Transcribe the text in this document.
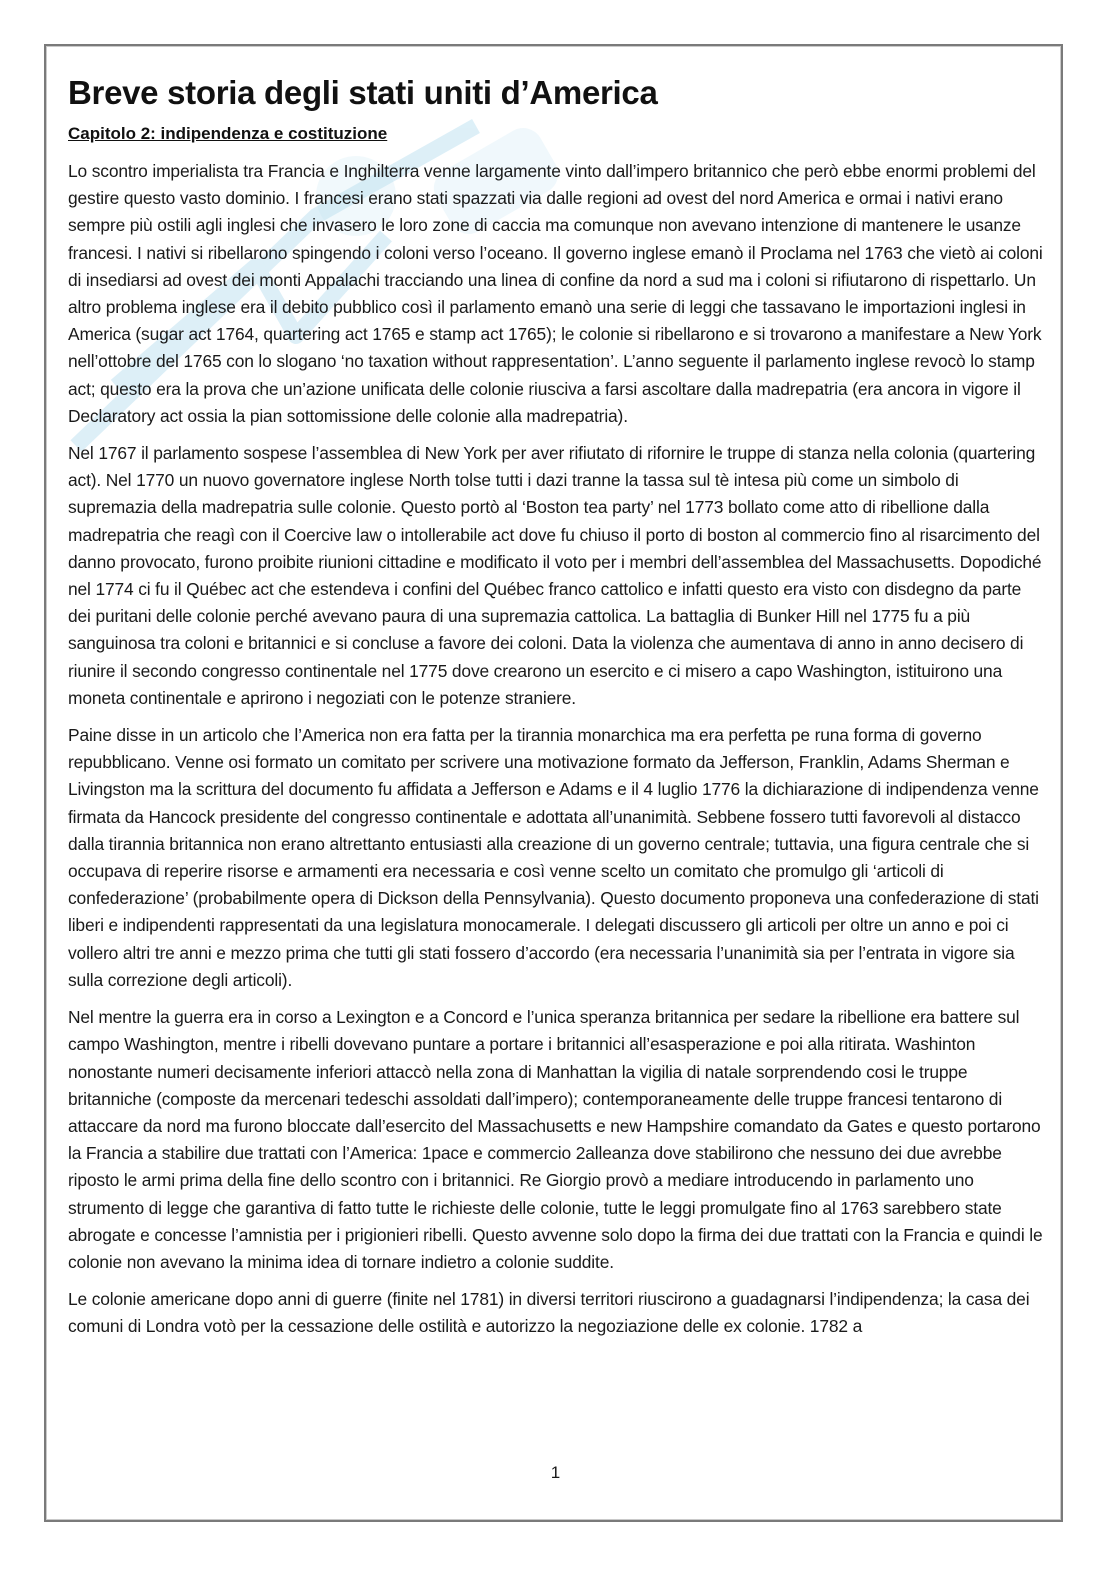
Breve storia degli stati uniti d’America

Capitolo 2: indipendenza e costituzione

Lo scontro imperialista tra Francia e Inghilterra venne largamente vinto dall’impero britannico che però ebbe enormi problemi del gestire questo vasto dominio. I francesi erano stati spazzati via dalle regioni ad ovest del nord America e ormai i nativi erano sempre più ostili agli inglesi che invasero le loro zone di caccia ma comunque non avevano intenzione di mantenere le usanze francesi. I nativi si ribellarono spingendo i coloni verso l’oceano. Il governo inglese emanò il Proclama nel 1763 che vietò ai coloni di insediarsi ad ovest dei monti Appalachi tracciando una linea di confine da nord a sud ma i coloni si rifiutarono di rispettarlo. Un altro problema inglese era il debito pubblico così il parlamento emanò una serie di leggi che tassavano le importazioni inglesi in America (sugar act 1764, quartering act 1765 e stamp act 1765); le colonie si ribellarono e si trovarono a manifestare a New York nell’ottobre del 1765 con lo slogano ‘no taxation without rappresentation’. L’anno seguente il parlamento inglese revocò lo stamp act; questo era la prova che un’azione unificata delle colonie riusciva a farsi ascoltare dalla madrepatria (era ancora in vigore il Declaratory act ossia la pian sottomissione delle colonie alla madrepatria).

Nel 1767 il parlamento sospese l’assemblea di New York per aver rifiutato di rifornire le truppe di stanza nella colonia (quartering act). Nel 1770 un nuovo governatore inglese North tolse tutti i dazi tranne la tassa sul tè intesa più come un simbolo di supremazia della madrepatria sulle colonie. Questo portò al ‘Boston tea party’ nel 1773 bollato come atto di ribellione dalla madrepatria che reagì con il Coercive law o intollerabile act dove fu chiuso il porto di boston al commercio fino al risarcimento del danno provocato, furono proibite riunioni cittadine e modificato il voto per i membri dell’assemblea del Massachusetts. Dopodiché nel 1774 ci fu il Québec act che estendeva i confini del Québec franco cattolico e infatti questo era visto con disdegno da parte dei puritani delle colonie perché avevano paura di una supremazia cattolica. La battaglia di Bunker Hill nel 1775 fu a più sanguinosa tra coloni e britannici e si concluse a favore dei coloni. Data la violenza che aumentava di anno in anno decisero di riunire il secondo congresso continentale nel 1775 dove crearono un esercito e ci misero a capo Washington, istituirono una moneta continentale e aprirono i negoziati con le potenze straniere.

Paine disse in un articolo che l’America non era fatta per la tirannia monarchica ma era perfetta pe runa forma di governo repubblicano. Venne osi formato un comitato per scrivere una motivazione formato da Jefferson, Franklin, Adams Sherman e Livingston ma la scrittura del documento fu affidata a Jefferson e Adams e il 4 luglio 1776 la dichiarazione di indipendenza venne firmata da Hancock presidente del congresso continentale e adottata all’unanimità. Sebbene fossero tutti favorevoli al distacco dalla tirannia britannica non erano altrettanto entusiasti alla creazione di un governo centrale; tuttavia, una figura centrale che si occupava di reperire risorse e armamenti era necessaria e così venne scelto un comitato che promulgo gli ‘articoli di confederazione’ (probabilmente opera di Dickson della Pennsylvania). Questo documento proponeva una confederazione di stati liberi e indipendenti rappresentati da una legislatura monocamerale. I delegati discussero gli articoli per oltre un anno e poi ci vollero altri tre anni e mezzo prima che tutti gli stati fossero d’accordo (era necessaria l’unanimità sia per l’entrata in vigore sia sulla correzione degli articoli).

Nel mentre la guerra era in corso a Lexington e a Concord e l’unica speranza britannica per sedare la ribellione era battere sul campo Washington, mentre i ribelli dovevano puntare a portare i britannici all’esasperazione e poi alla ritirata. Washinton nonostante numeri decisamente inferiori attaccò nella zona di Manhattan la vigilia di natale sorprendendo cosi le truppe britanniche (composte da mercenari tedeschi assoldati dall’impero); contemporaneamente delle truppe francesi tentarono di attaccare da nord ma furono bloccate dall’esercito del Massachusetts e new Hampshire comandato da Gates e questo portarono la Francia a stabilire due trattati con l’America: 1pace e commercio 2alleanza dove stabilirono che nessuno dei due avrebbe riposto le armi prima della fine dello scontro con i britannici. Re Giorgio provò a mediare introducendo in parlamento uno strumento di legge che garantiva di fatto tutte le richieste delle colonie, tutte le leggi promulgate fino al 1763 sarebbero state abrogate e concesse l’amnistia per i prigionieri ribelli. Questo avvenne solo dopo la firma dei due trattati con la Francia e quindi le colonie non avevano la minima idea di tornare indietro a colonie suddite.

Le colonie americane dopo anni di guerre (finite nel 1781) in diversi territori riuscirono a guadagnarsi l’indipendenza; la casa dei comuni di Londra votò per la cessazione delle ostilità e autorizzo la negoziazione delle ex colonie. 1782 a

1
